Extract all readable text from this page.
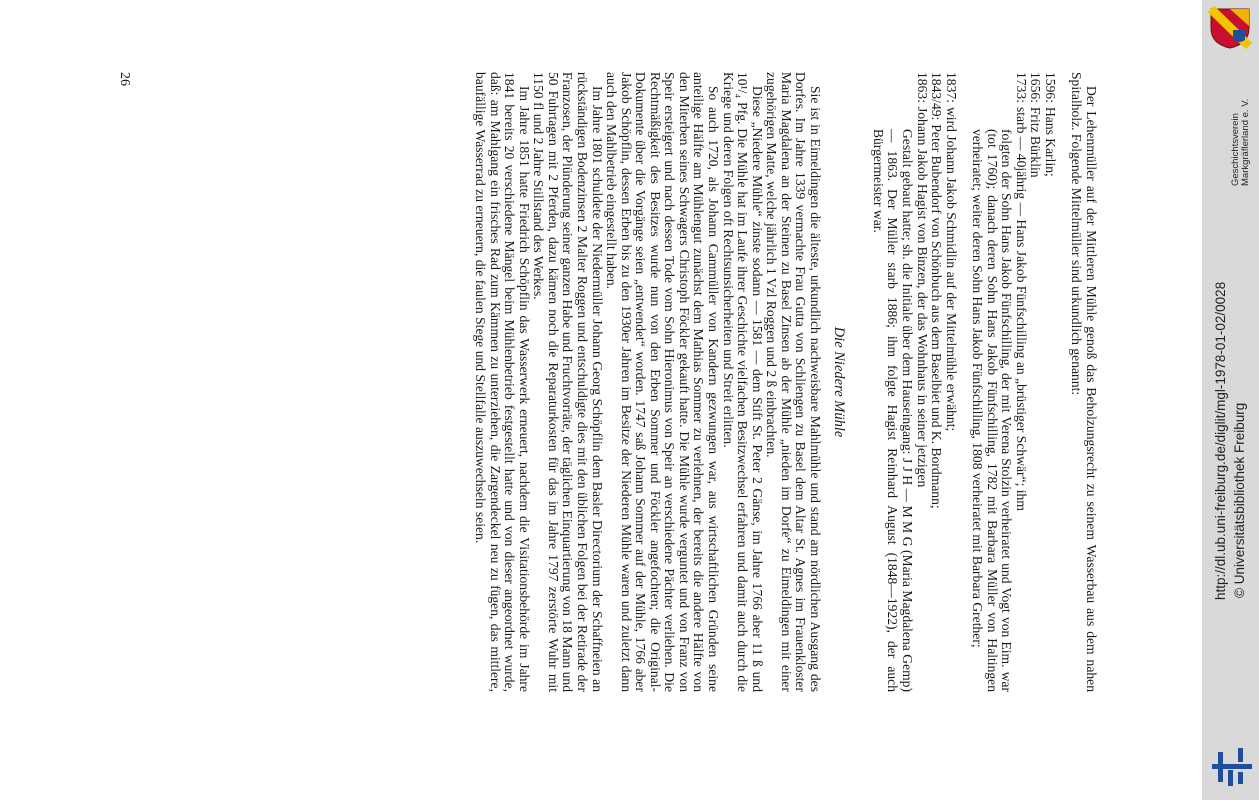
Der Lehenmüller auf der Mittleren Mühle genoß das Beholzungsrecht zu seinem Wasserbau aus dem nahen Spitalholz. Folgende Mittelmüller sind urkundlich genannt:

1596:
Hans Karlin;
1656:
Fritz Bürklin
1733:
starb — 40jährig — Hans Jakob Fünfschilling an „brüstiger Schwär“; ihm
folgten der Sohn Hans Jakob Fünfschilling, der mit Verena Stolzin verheiratet und Vogt von Eim. war (tot 1760); danach deren Sohn Hans Jakob Fünfschilling, 1782 mit Barbara Müller von Haltingen verheiratet; weiter deren Sohn Hans Jakob Fünfschilling, 1808 verheiratet mit Barbara Grether;
1837:
wird Johann Jakob Schmidlin auf der Mittelmühle erwähnt;
1843/49:
Peter Bubendorf von Schönbuch aus dem Baselbiet und K. Bordmann;
1863:
Johann Jakob Hagist von Binzen, der das Wohnhaus in seiner jetzigen
Gestalt gebaut hatte; sh. die Initiale über dem Hauseingang: J J H — M M G (Maria Magdalena Gemp) — 1863. Der Müller starb 1886; ihm folgte Hagist Reinhard August (1848—1922), der auch Bürgermeister war.
Die Niedere Mühle

Sie ist in Eimeldingen die älteste, urkundlich nachweisbare Mahlmühle und stand am nördlichen Ausgang des Dorfes. Im Jahre 1339 vermachte Frau Gutta von Schliengen zu Basel dem Altar St. Agnes im Frauenkloster Maria Magdalena an der Steinen zu Basel Zinsen ab der Mühle „nieden im Dorfe“ zu Eimeldingen mit einer zugehörigen Matte, welche jährlich 1 Vzl Roggen und 2 ß einbrachten.

Diese „Niedere Mühle“ zinste sodann — 1581 — dem Stift St. Peter 2 Gänse, im Jahre 1766 aber 11 ß und 10¹/₄ Pfg. Die Mühle hat im Laufe ihrer Geschichte vielfachen Besitzwechsel erfahren und damit auch durch die Kriege und deren Folgen oft Rechtsunsicherheiten und Streit erlitten.

So auch 1720, als Johann Cammüller von Kandern gezwungen war, aus wirtschaftlichen Gründen seine anteilige Hälfte am Mühlengut zunächst dem Mathias Sommer zu verlehnen, der bereits die andere Hälfte von den Miterben seines Schwagers Christoph Föckler gekauft hatte. Die Mühle wurde verguntet und von Franz von Speir ersteigert und nach dessen Tode vom Sohn Hieronimus von Speir an verschiedene Pächter verliehen. Die Rechtmäßigkeit des Besitzes wurde nun von den Erben Sommer und Föckler angefochten; die Original-Dokumente über die Vorgänge seien „entwendet“ worden. 1747 saß Johann Sommer auf der Mühle, 1766 aber Jakob Schöpflin, dessen Erben bis zu den 1930er Jahren im Besitze der Niederen Mühle waren und zuletzt dann auch den Mahlbetrieb eingestellt haben.

Im Jahre 1801 schuldete der Niedermüller Johann Georg Schöpflin dem Basler Directorium der Schaffneien an rückständigen Bodenzinsen 2 Malter Roggen und entschuldigte dies mit den üblichen Folgen bei der Retirade der Franzosen, der Plünderung seiner ganzen Habe und Fruchtvorräte, der täglichen Einquartierung von 18 Mann und 50 Fuhrtagen mit 2 Pferden, dazu kämen noch die Reparaturkosten für das im Jahre 1797 zerstörte Wuhr mit 1150 fl und 2 Jahre Stillstand des Werkes.

Im Jahre 1851 hatte Friedrich Schöpflin das Wasserwerk erneuert, nachdem die Visitationsbehörde im Jahre 1841 bereits 20 verschiedene Mängel beim Mühlenbetrieb festgestellt hatte und von dieser angeordnet wurde, daß: am Mahlgang ein frisches Rad zum Kämmen zu unterziehen, die Zargendeckel neu zu fügen, das mittlere, baufällige Wasserrad zu erneuern, die faulen Stege und Stellfalle auszuwechseln seien.

26
http://dl.ub.uni-freiburg.de/diglit/mgl-1978-01-02/0028 © Universitätsbibliothek Freiburg
Geschichtsverein Markgräflerland e. V.
